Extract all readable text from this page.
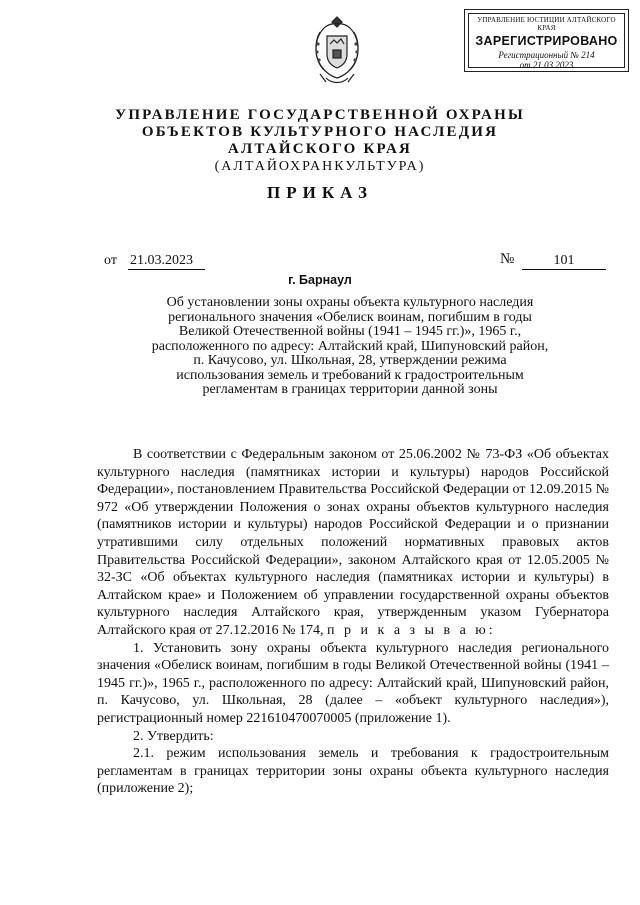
УПРАВЛЕНИЕ ЮСТИЦИИ АЛТАЙСКОГО КРАЯ
ЗАРЕГИСТРИРОВАНО
Регистрационный № 214
от 21.03.2023
УПРАВЛЕНИЕ ГОСУДАРСТВЕННОЙ ОХРАНЫ
ОБЪЕКТОВ КУЛЬТУРНОГО НАСЛЕДИЯ
АЛТАЙСКОГО КРАЯ
(АЛТАЙОХРАНКУЛЬТУРА)
ПРИКАЗ
от 21.03.2023	№	101
г. Барнаул
Об установлении зоны охраны объекта культурного наследия регионального значения «Обелиск воинам, погибшим в годы Великой Отечественной войны (1941 – 1945 гг.)», 1965 г., расположенного по адресу: Алтайский край, Шипуновский район, п. Качусово, ул. Школьная, 28, утверждении режима использования земель и требований к градостроительным регламентам в границах территории данной зоны

В соответствии с Федеральным законом от 25.06.2002 № 73-ФЗ «Об объектах культурного наследия (памятниках истории и культуры) народов Российской Федерации», постановлением Правительства Российской Федерации от 12.09.2015 № 972 «Об утверждении Положения о зонах охраны объектов культурного наследия (памятников истории и культуры) народов Российской Федерации и о признании утратившими силу отдельных положений нормативных правовых актов Правительства Российской Федерации», законом Алтайского края от 12.05.2005 № 32-ЗС «Об объектах культурного наследия (памятниках истории и культуры) в Алтайском крае» и Положением об управлении государственной охраны объектов культурного наследия Алтайского края, утвержденным указом Губернатора Алтайского края от 27.12.2016 № 174, п р и к а з ы в а ю:

1. Установить зону охраны объекта культурного наследия регионального значения «Обелиск воинам, погибшим в годы Великой Отечественной войны (1941 – 1945 гг.)», 1965 г., расположенного по адресу: Алтайский край, Шипуновский район, п. Качусово, ул. Школьная, 28 (далее – «объект культурного наследия»), регистрационный номер 221610470070005 (приложение 1).

2. Утвердить:

2.1. режим использования земель и требования к градостроительным регламентам в границах территории зоны охраны объекта культурного наследия (приложение 2);
